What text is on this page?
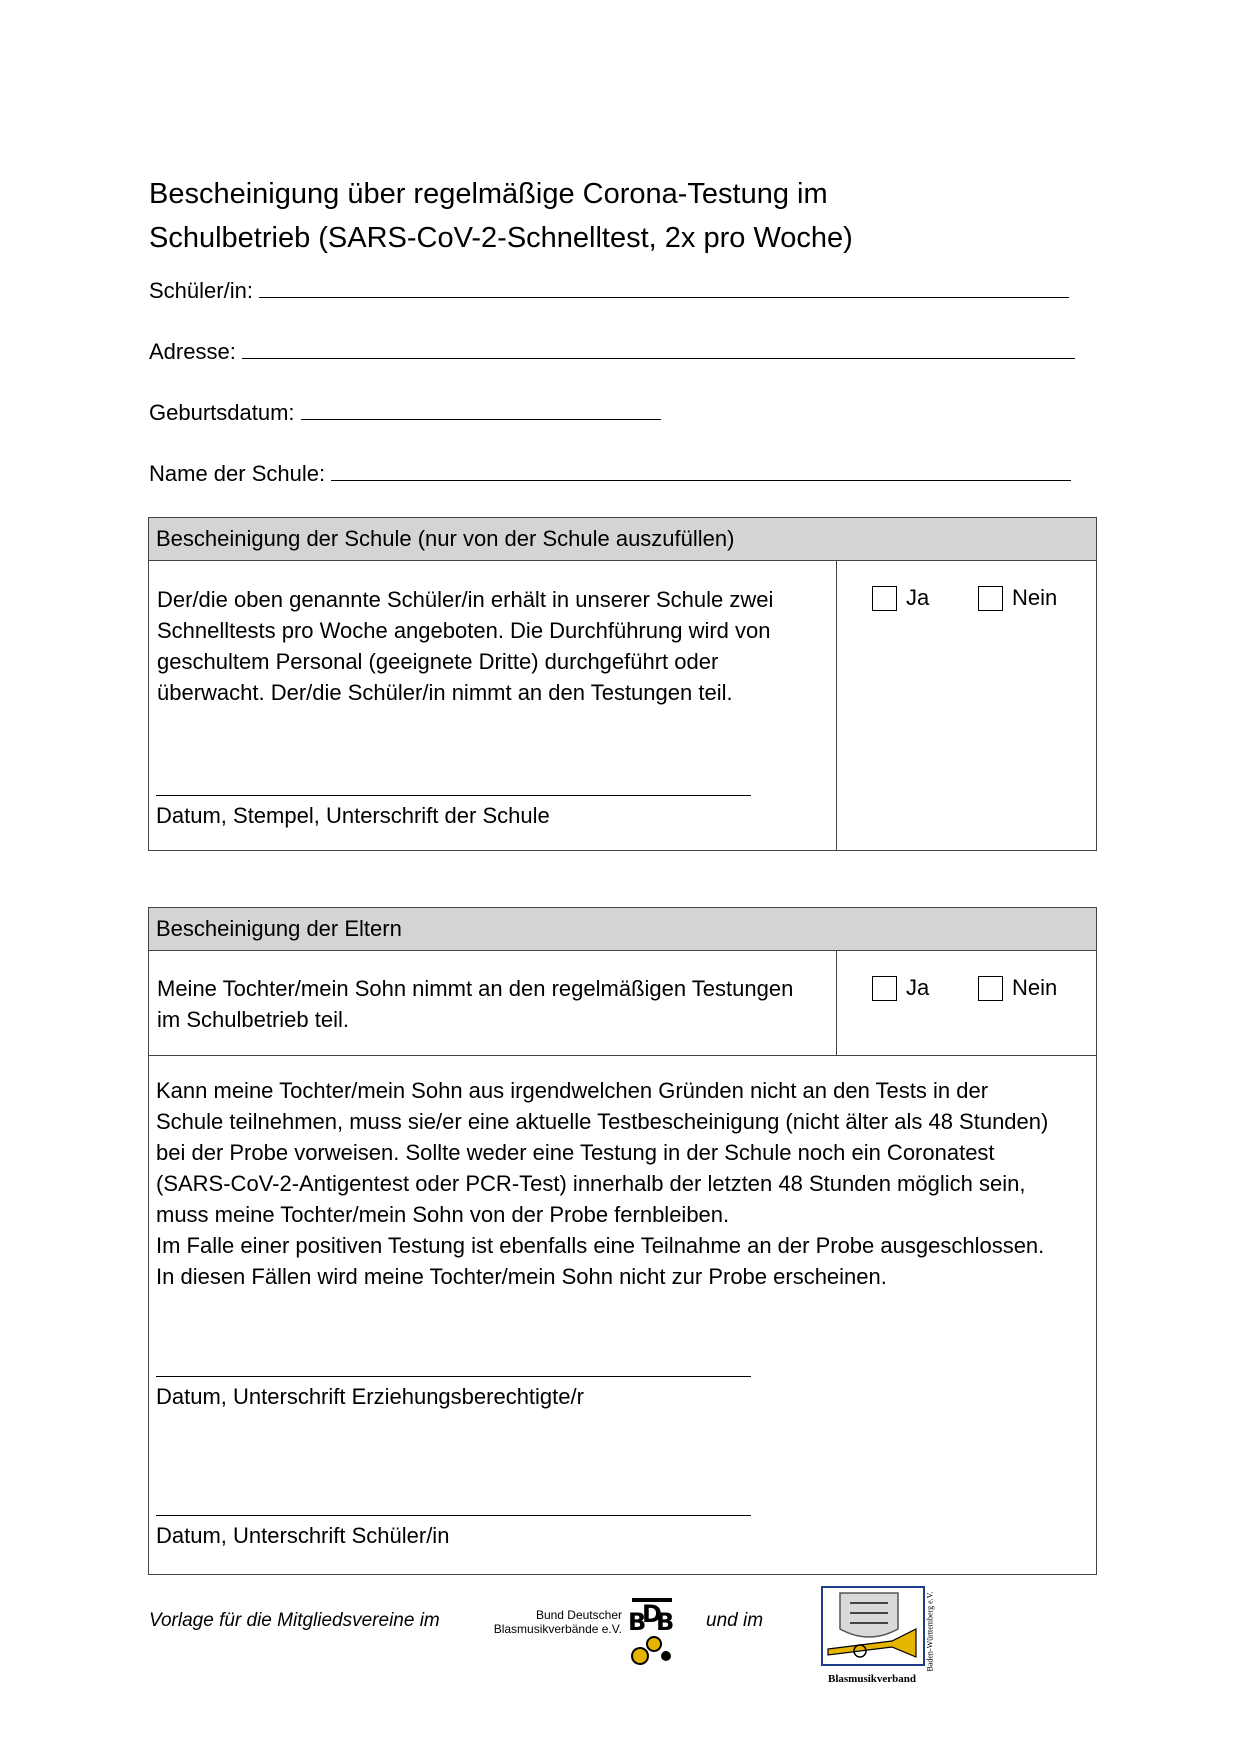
Bescheinigung über regelmäßige Corona-Testung im
Schulbetrieb (SARS-CoV-2-Schnelltest, 2x pro Woche)
Schüler/in:
Adresse:
Geburtsdatum:
Name der Schule:
Bescheinigung der Schule (nur von der Schule auszufüllen)
Der/die oben genannte Schüler/in erhält in unserer Schule zwei
Schnelltests pro Woche angeboten. Die Durchführung wird von
geschultem Personal (geeignete Dritte) durchgeführt oder
überwacht. Der/die Schüler/in nimmt an den Testungen teil.
Datum, Stempel, Unterschrift der Schule
Ja	Nein
Bescheinigung der Eltern
Meine Tochter/mein Sohn nimmt an den regelmäßigen Testungen
im Schulbetrieb teil.
Ja	Nein
Kann meine Tochter/mein Sohn aus irgendwelchen Gründen nicht an den Tests in der
Schule teilnehmen, muss sie/er eine aktuelle Testbescheinigung (nicht älter als 48 Stunden)
bei der Probe vorweisen. Sollte weder eine Testung in der Schule noch ein Coronatest
(SARS-CoV-2-Antigentest oder PCR-Test) innerhalb der letzten 48 Stunden möglich sein,
muss meine Tochter/mein Sohn von der Probe fernbleiben.
Im Falle einer positiven Testung ist ebenfalls eine Teilnahme an der Probe ausgeschlossen.
In diesen Fällen wird meine Tochter/mein Sohn nicht zur Probe erscheinen.
Datum, Unterschrift Erziehungsberechtigte/r
Datum, Unterschrift Schüler/in
Vorlage für die Mitgliedsvereine im	Bund Deutscher
Blasmusikverbände e.V. B
D
B und im
Blasmusikverband
Baden-Württemberg e.V.
